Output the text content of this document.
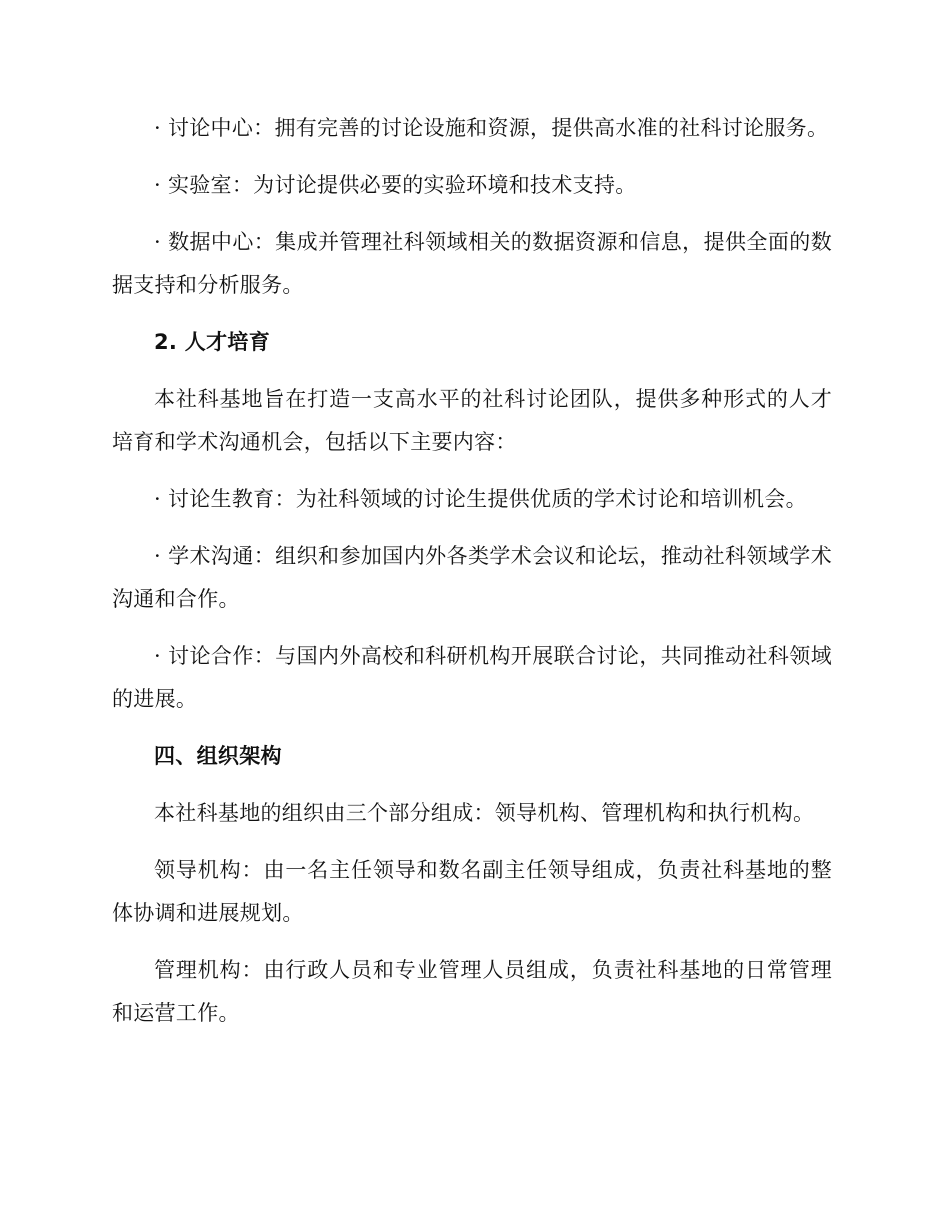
· 讨论中心：拥有完善的讨论设施和资源，提供高水准的社科讨论服务。

· 实验室：为讨论提供必要的实验环境和技术支持。

· 数据中心：集成并管理社科领域相关的数据资源和信息，提供全面的数据支持和分析服务。

2. 人才培育

本社科基地旨在打造一支高水平的社科讨论团队，提供多种形式的人才培育和学术沟通机会，包括以下主要内容：

· 讨论生教育：为社科领域的讨论生提供优质的学术讨论和培训机会。

· 学术沟通：组织和参加国内外各类学术会议和论坛，推动社科领域学术沟通和合作。

· 讨论合作：与国内外高校和科研机构开展联合讨论，共同推动社科领域的进展。

四、组织架构

本社科基地的组织由三个部分组成：领导机构、管理机构和执行机构。

领导机构：由一名主任领导和数名副主任领导组成，负责社科基地的整体协调和进展规划。

管理机构：由行政人员和专业管理人员组成，负责社科基地的日常管理和运营工作。
